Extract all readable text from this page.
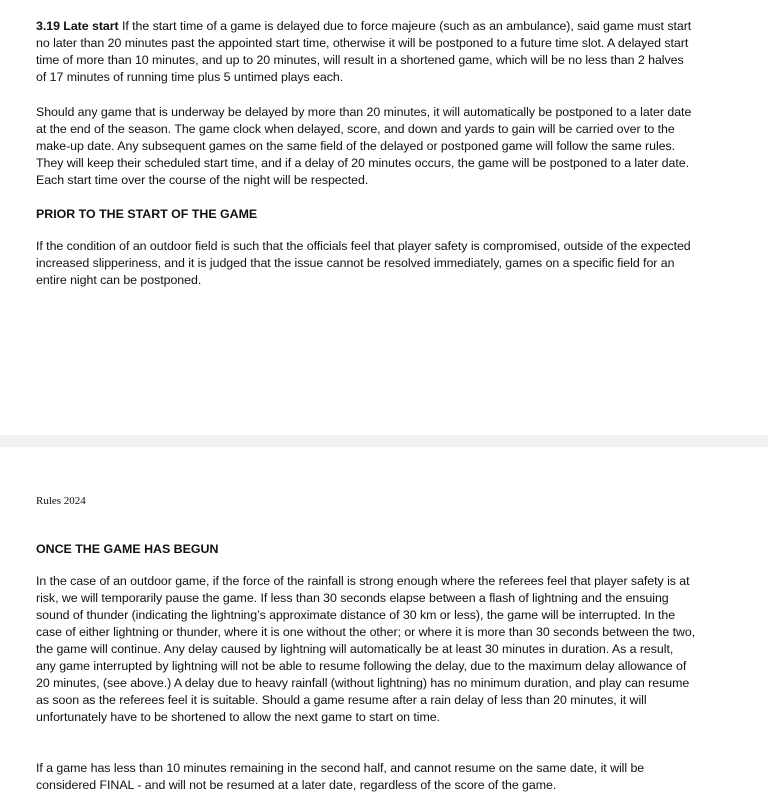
3.19 Late start If the start time of a game is delayed due to force majeure (such as an ambulance), said game must start no later than 20 minutes past the appointed start time, otherwise it will be postponed to a future time slot. A delayed start time of more than 10 minutes, and up to 20 minutes, will result in a shortened game, which will be no less than 2 halves of 17 minutes of running time plus 5 untimed plays each.

Should any game that is underway be delayed by more than 20 minutes, it will automatically be postponed to a later date at the end of the season. The game clock when delayed, score, and down and yards to gain will be carried over to the make-up date. Any subsequent games on the same field of the delayed or postponed game will follow the same rules. They will keep their scheduled start time, and if a delay of 20 minutes occurs, the game will be postponed to a later date. Each start time over the course of the night will be respected.

PRIOR TO THE START OF THE GAME

If the condition of an outdoor field is such that the officials feel that player safety is compromised, outside of the expected increased slipperiness, and it is judged that the issue cannot be resolved immediately, games on a specific field for an entire night can be postponed.

Rules 2024
ONCE THE GAME HAS BEGUN

In the case of an outdoor game, if the force of the rainfall is strong enough where the referees feel that player safety is at risk, we will temporarily pause the game. If less than 30 seconds elapse between a flash of lightning and the ensuing sound of thunder (indicating the lightning’s approximate distance of 30 km or less), the game will be interrupted. In the case of either lightning or thunder, where it is one without the other; or where it is more than 30 seconds between the two, the game will continue. Any delay caused by lightning will automatically be at least 30 minutes in duration. As a result, any game interrupted by lightning will not be able to resume following the delay, due to the maximum delay allowance of 20 minutes, (see above.) A delay due to heavy rainfall (without lightning) has no minimum duration, and play can resume as soon as the referees feel it is suitable. Should a game resume after a rain delay of less than 20 minutes, it will unfortunately have to be shortened to allow the next game to start on time.

If a game has less than 10 minutes remaining in the second half, and cannot resume on the same date, it will be considered FINAL - and will not be resumed at a later date, regardless of the score of the game.
